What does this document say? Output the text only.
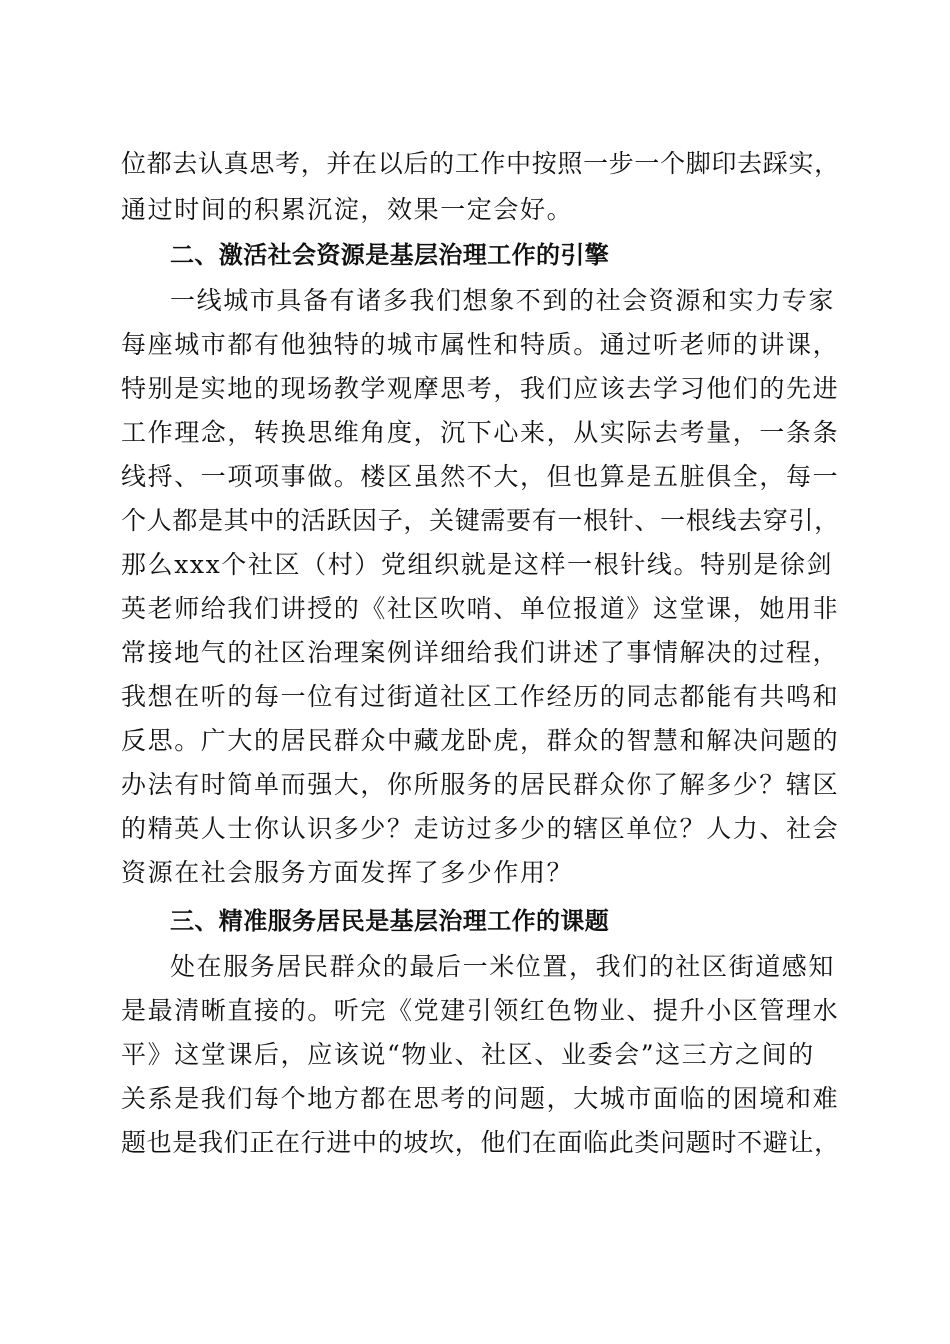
位都去认真思考，并在以后的工作中按照一步一个脚印去踩实，
通过时间的积累沉淀，效果一定会好。
二、激活社会资源是基层治理工作的引擎
一线城市具备有诸多我们想象不到的社会资源和实力专家
每座城市都有他独特的城市属性和特质。通过听老师的讲课，
特别是实地的现场教学观摩思考，我们应该去学习他们的先进
工作理念，转换思维角度，沉下心来，从实际去考量，一条条
线捋、一项项事做。楼区虽然不大，但也算是五脏俱全，每一
个人都是其中的活跃因子，关键需要有一根针、一根线去穿引，
那么xxx个社区（村）党组织就是这样一根针线。特别是徐剑
英老师给我们讲授的《社区吹哨、单位报道》这堂课，她用非
常接地气的社区治理案例详细给我们讲述了事情解决的过程，
我想在听的每一位有过街道社区工作经历的同志都能有共鸣和
反思。广大的居民群众中藏龙卧虎，群众的智慧和解决问题的
办法有时简单而强大，你所服务的居民群众你了解多少？辖区
的精英人士你认识多少？走访过多少的辖区单位？人力、社会
资源在社会服务方面发挥了多少作用？
三、精准服务居民是基层治理工作的课题
处在服务居民群众的最后一米位置，我们的社区街道感知
是最清晰直接的。听完《党建引领红色物业、提升小区管理水
平》这堂课后，应该说“物业、社区、业委会”这三方之间的
关系是我们每个地方都在思考的问题，大城市面临的困境和难
题也是我们正在行进中的坡坎，他们在面临此类问题时不避让，
